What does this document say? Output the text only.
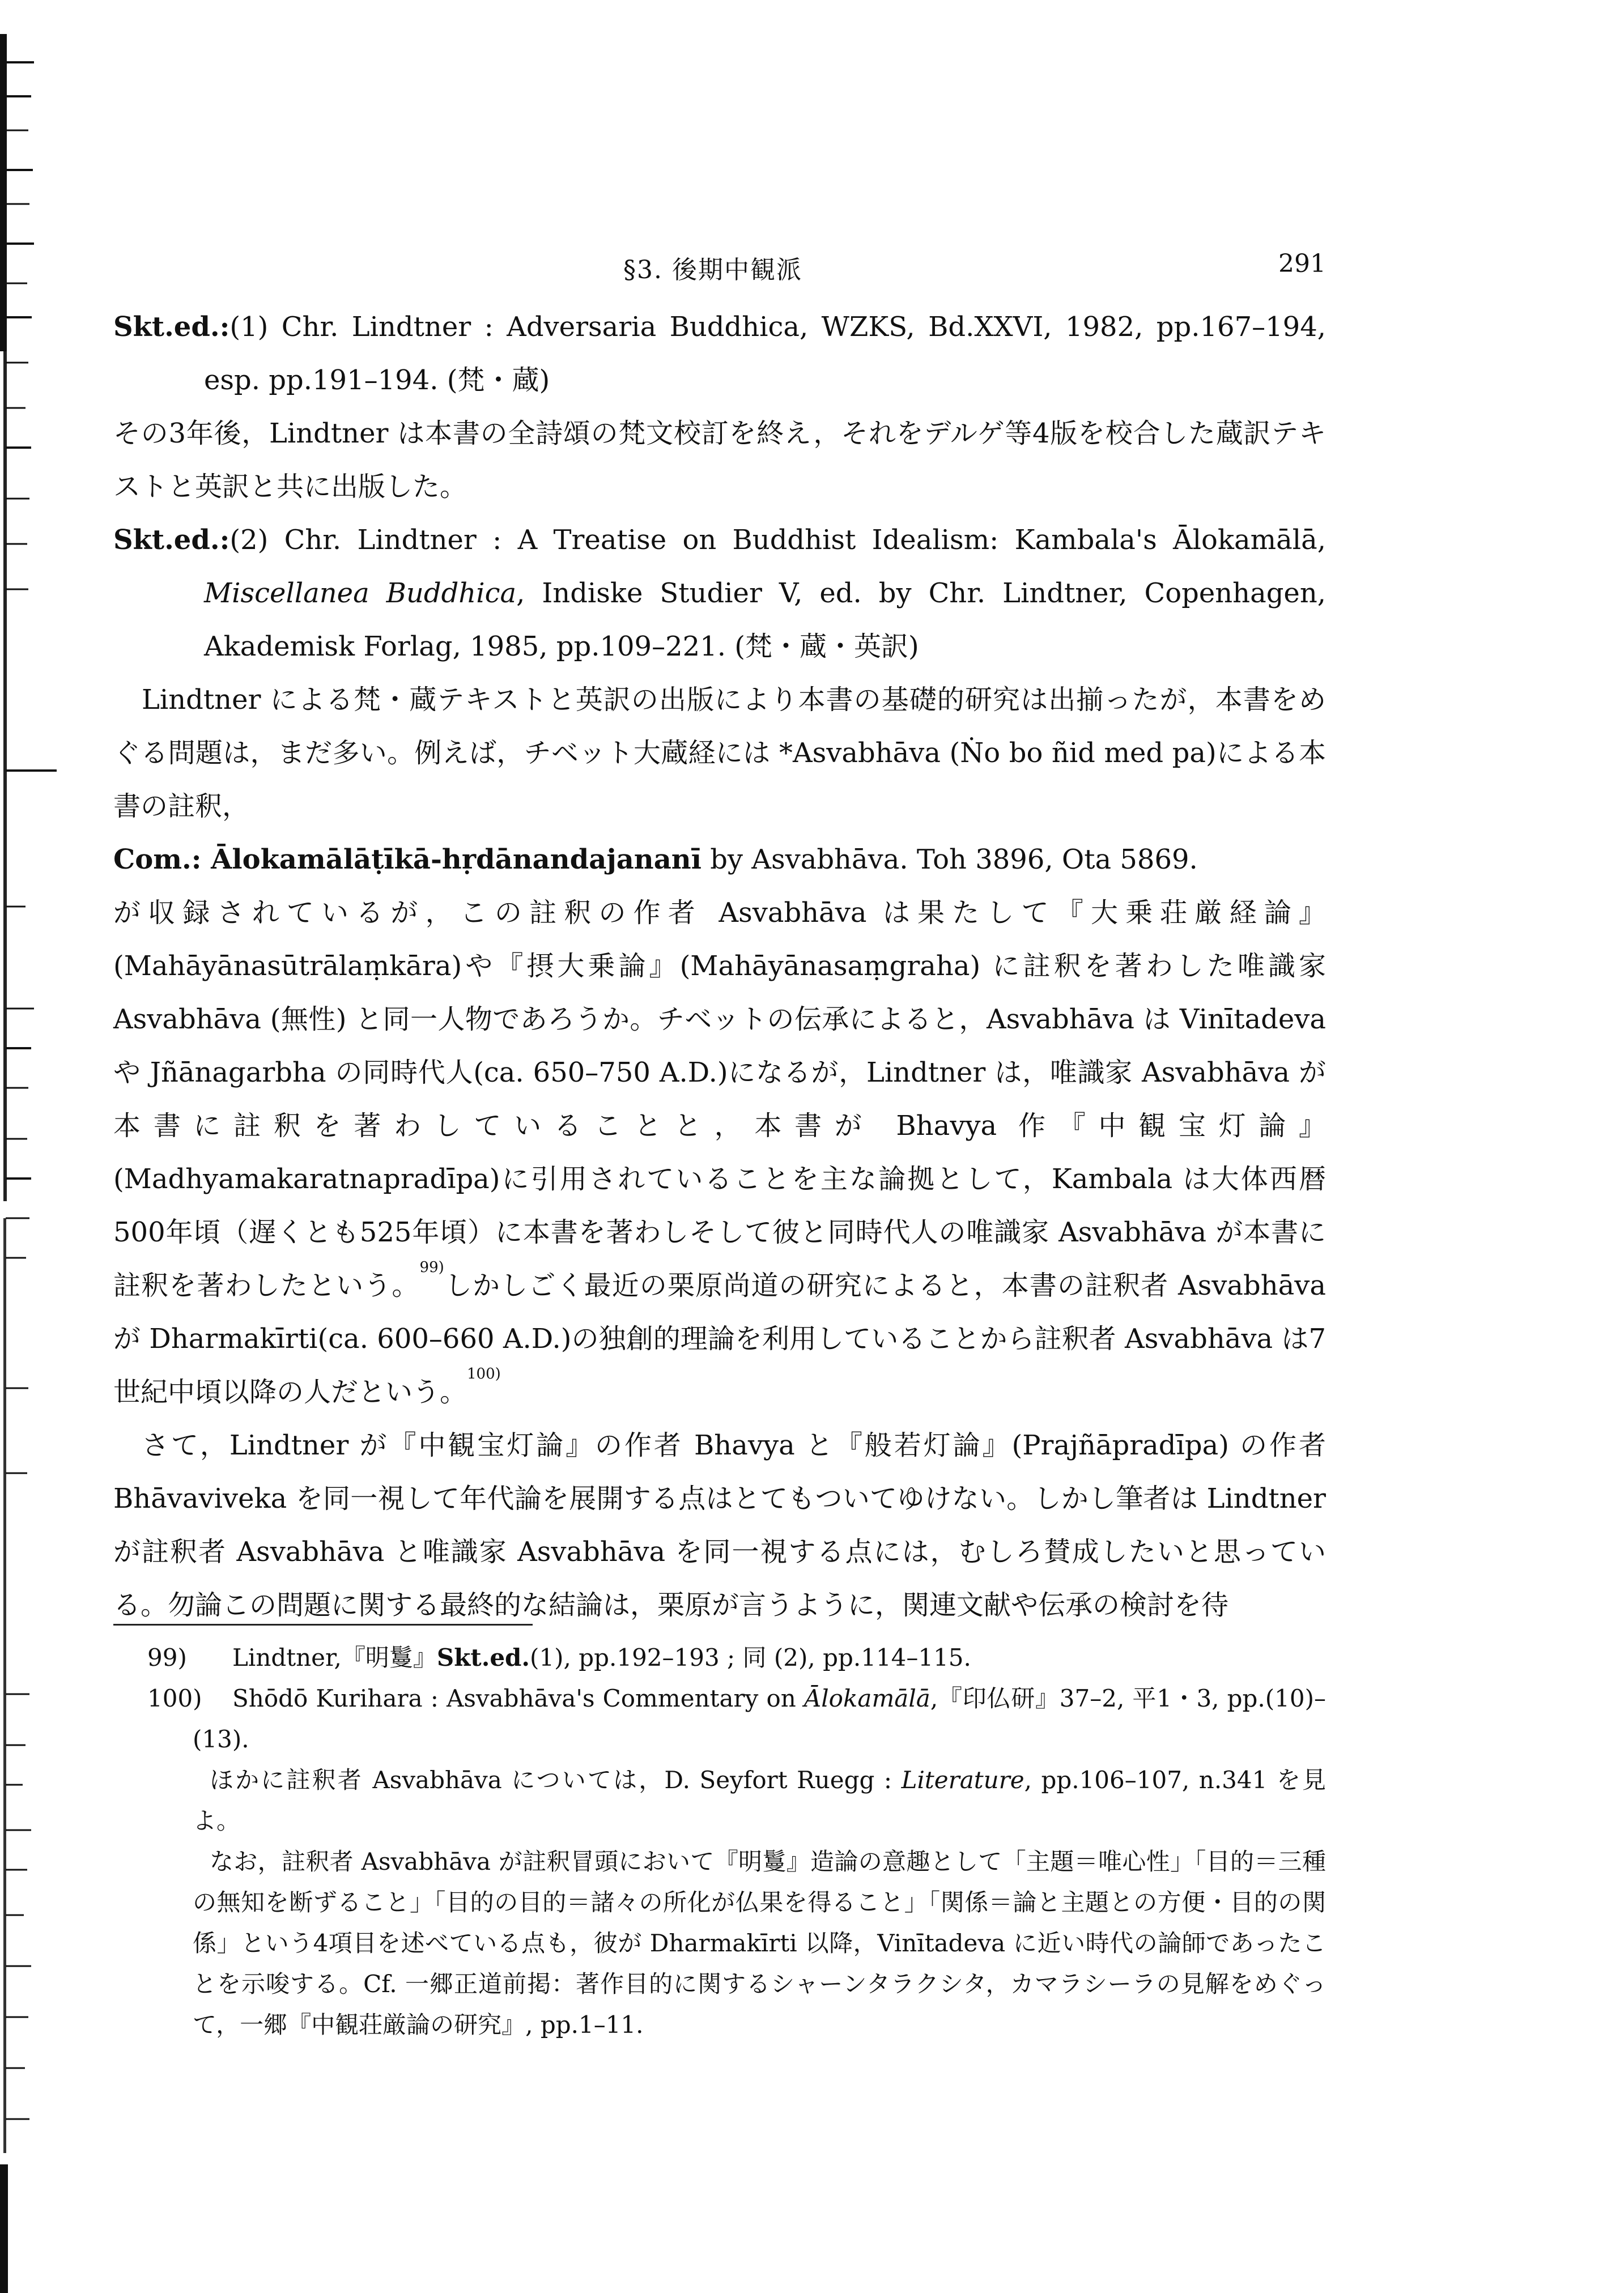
§3. 後期中観派	291

Skt.ed.:(1) Chr. Lindtner : Adversaria Buddhica, WZKS, Bd.XXVI, 1982, pp.167–194, esp. pp.191–194. (梵・蔵)

その3年後，Lindtner は本書の全詩頌の梵文校訂を終え，それをデルゲ等4版を校合した蔵訳テキストと英訳と共に出版した。

Skt.ed.:(2) Chr. Lindtner : A Treatise on Buddhist Idealism: Kambala's Ālokamālā, Miscellanea Buddhica, Indiske Studier V, ed. by Chr. Lindtner, Copenhagen, Akademisk Forlag, 1985, pp.109–221. (梵・蔵・英訳)

Lindtner による梵・蔵テキストと英訳の出版により本書の基礎的研究は出揃ったが，本書をめぐる問題は，まだ多い。例えば，チベット大蔵経には *Asvabhāva (Ṅo bo ñid med pa)による本書の註釈，

Com.: Ālokamālāṭīkā-hṛdānandajananī by Asvabhāva. Toh 3896, Ota 5869.

が収録されているが，この註釈の作者 Asvabhāva は果たして『大乗荘厳経論』(Mahāyānasūtrālaṃkāra)や『摂大乗論』(Mahāyānasaṃgraha) に註釈を著わした唯識家 Asvabhāva (無性) と同一人物であろうか。チベットの伝承によると，Asvabhāva は Vinītadeva や Jñānagarbha の同時代人(ca. 650–750 A.D.)になるが，Lindtner は，唯識家 Asvabhāva が本書に註釈を著わしていることと，本書が Bhavya 作『中観宝灯論』(Madhyamakaratnapradīpa)に引用されていることを主な論拠として，Kambala は大体西暦500年頃（遅くとも525年頃）に本書を著わしそして彼と同時代人の唯識家 Asvabhāva が本書に註釈を著わしたという。$^{99)}$しかしごく最近の栗原尚道の研究によると，本書の註釈者 Asvabhāva が Dharmakīrti(ca. 600–660 A.D.)の独創的理論を利用していることから註釈者 Asvabhāva は7世紀中頃以降の人だという。$^{100)}$

さて，Lindtner が『中観宝灯論』の作者 Bhavya と『般若灯論』(Prajñāpradīpa) の作者 Bhāvaviveka を同一視して年代論を展開する点はとてもついてゆけない。しかし筆者は Lindtner が註釈者 Asvabhāva と唯識家 Asvabhāva を同一視する点には，むしろ賛成したいと思っている。勿論この問題に関する最終的な結論は，栗原が言うように，関連文献や伝承の検討を待

99) Lindtner,『明鬘』Skt.ed.(1), pp.192–193 ; 同 (2), pp.114–115.

100) Shōdō Kurihara : Asvabhāva's Commentary on Ālokamālā,『印仏研』37–2, 平1・3, pp.(10)–(13).

ほかに註釈者 Asvabhāva については，D. Seyfort Ruegg : Literature, pp.106–107, n.341 を見よ。

なお，註釈者 Asvabhāva が註釈冒頭において『明鬘』造論の意趣として「主題＝唯心性」「目的＝三種の無知を断ずること」「目的の目的＝諸々の所化が仏果を得ること」「関係＝論と主題との方便・目的の関係」という4項目を述べている点も，彼が Dharmakīrti 以降，Vinītadeva に近い時代の論師であったことを示唆する。Cf. 一郷正道前掲：著作目的に関するシャーンタラクシタ，カマラシーラの見解をめぐって，一郷『中観荘厳論の研究』, pp.1–11.
